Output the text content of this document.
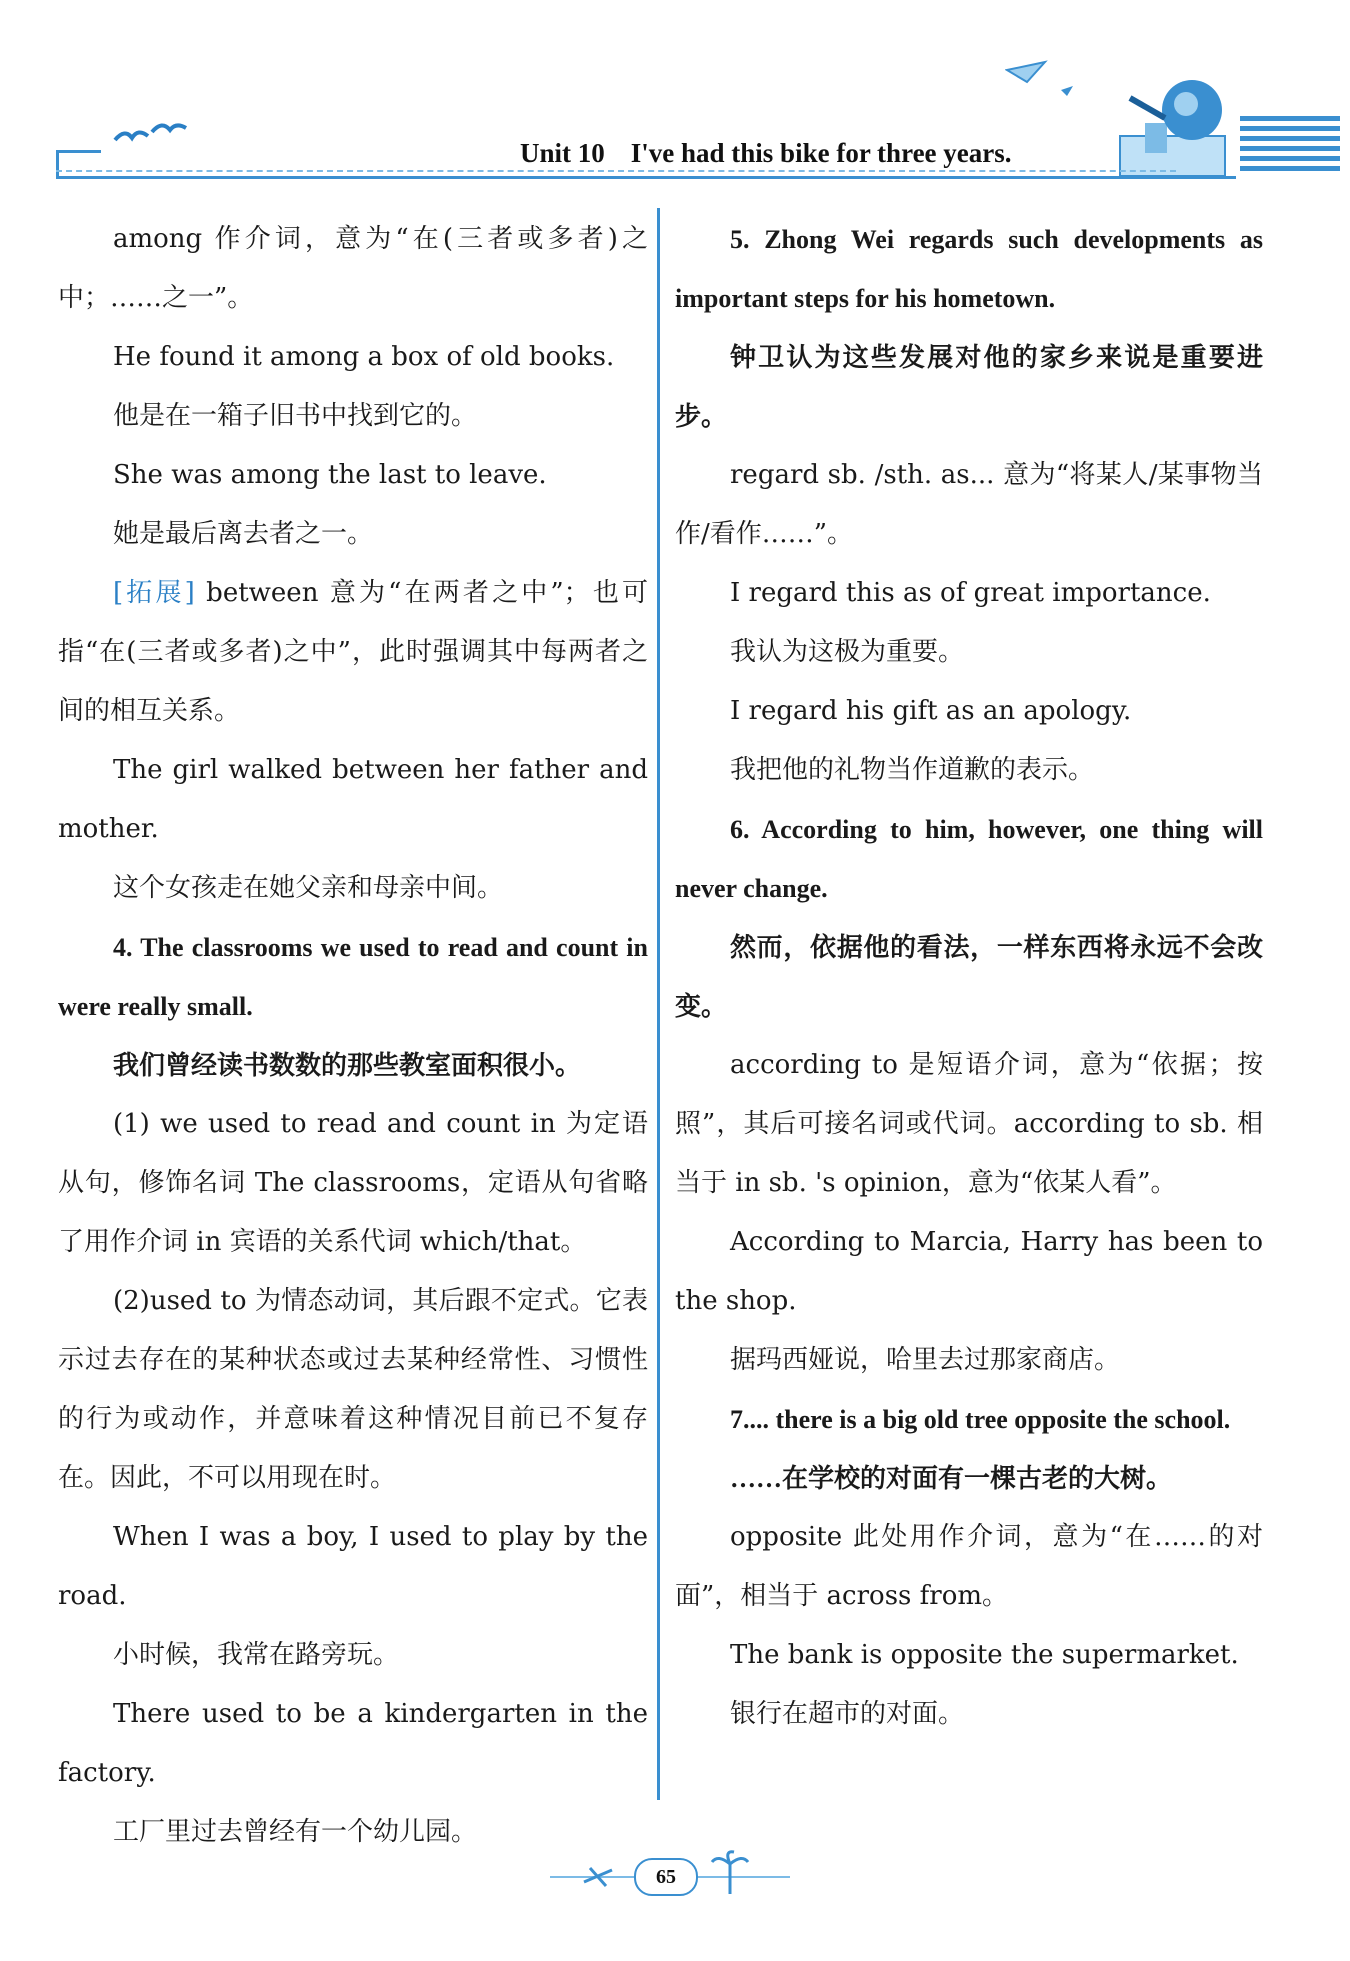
Unit 10 I've had this bike for three years.

among 作介词，意为“在(三者或多者)之中；……之一”。

He found it among a box of old books.

他是在一箱子旧书中找到它的。

She was among the last to leave.

她是最后离去者之一。

[拓展] between 意为“在两者之中”；也可指“在(三者或多者)之中”，此时强调其中每两者之间的相互关系。

The girl walked between her father and mother.

这个女孩走在她父亲和母亲中间。

4. The classrooms we used to read and count in were really small.

我们曾经读书数数的那些教室面积很小。

(1) we used to read and count in 为定语从句，修饰名词 The classrooms，定语从句省略了用作介词 in 宾语的关系代词 which/that。

(2)used to 为情态动词，其后跟不定式。它表示过去存在的某种状态或过去某种经常性、习惯性的行为或动作，并意味着这种情况目前已不复存在。因此，不可以用现在时。

When I was a boy, I used to play by the road.

小时候，我常在路旁玩。

There used to be a kindergarten in the factory.

工厂里过去曾经有一个幼儿园。

5. Zhong Wei regards such developments as important steps for his hometown.

钟卫认为这些发展对他的家乡来说是重要进步。

regard sb. /sth. as... 意为“将某人/某事物当作/看作……”。

I regard this as of great importance.

我认为这极为重要。

I regard his gift as an apology.

我把他的礼物当作道歉的表示。

6. According to him, however, one thing will never change.

然而，依据他的看法，一样东西将永远不会改变。

according to 是短语介词，意为“依据；按照”，其后可接名词或代词。according to sb. 相当于 in sb. 's opinion，意为“依某人看”。

According to Marcia, Harry has been to the shop.

据玛西娅说，哈里去过那家商店。

7.... there is a big old tree opposite the school.

……在学校的对面有一棵古老的大树。

opposite 此处用作介词，意为“在……的对面”，相当于 across from。

The bank is opposite the supermarket.

银行在超市的对面。

65
